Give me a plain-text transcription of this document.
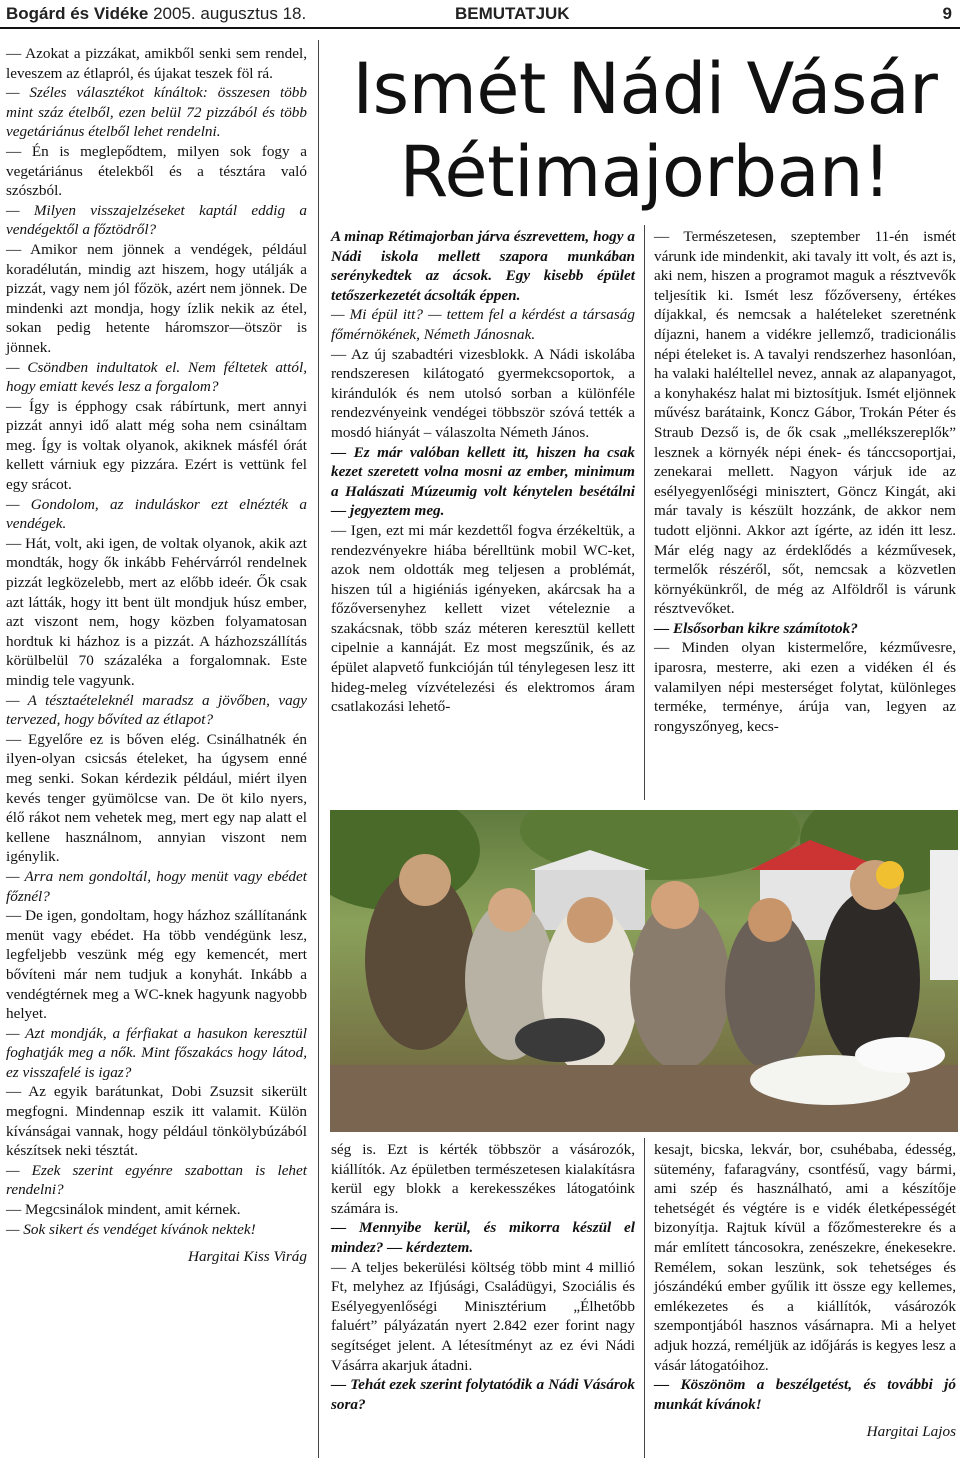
Bogárd és Vidéke 2005. augusztus 18.	BEMUTATJUK	9

— Azokat a pizzákat, amikből senki sem rendel, leveszem az étlapról, és újakat teszek föl rá.

— Széles választékot kínáltok: összesen több mint száz ételből, ezen belül 72 pizzából és több vegetáriánus ételből lehet rendelni.

— Én is meglepődtem, milyen sok fogy a vegetáriánus ételekből és a tésztára való szószból.

— Milyen visszajelzéseket kaptál eddig a vendégektől a főztödről?

— Amikor nem jönnek a vendégek, például koradélután, mindig azt hiszem, hogy utálják a pizzát, vagy nem jól főzök, azért nem jönnek. De mindenki azt mondja, hogy ízlik nekik az étel, sokan pedig hetente háromszor—ötször is jönnek.

— Csöndben indultatok el. Nem féltetek attól, hogy emiatt kevés lesz a forgalom?

— Így is épphogy csak rábírtunk, mert annyi pizzát annyi idő alatt még soha nem csináltam meg. Így is voltak olyanok, akiknek másfél órát kellett várniuk egy pizzára. Ezért is vettünk fel egy srácot.

— Gondolom, az induláskor ezt elnézték a vendégek.

— Hát, volt, aki igen, de voltak olyanok, akik azt mondták, hogy ők inkább Fehérvárról rendelnek pizzát legközelebb, mert az előbb ideér. Ők csak azt látták, hogy itt bent ült mondjuk húsz ember, azt viszont nem, hogy közben folyamatosan hordtuk ki házhoz is a pizzát. A házhozszállítás körülbelül 70 százaléka a forgalomnak. Este mindig tele vagyunk.

— A tésztaételeknél maradsz a jövőben, vagy tervezed, hogy bővíted az étlapot?

— Egyelőre ez is bőven elég. Csinálhatnék én ilyen-olyan csicsás ételeket, ha úgysem enné meg senki. Sokan kérdezik például, miért ilyen kevés tenger gyümölcse van. De öt kilo nyers, élő rákot nem vehetek meg, mert egy nap alatt el kellene használnom, annyian viszont nem igénylik.

— Arra nem gondoltál, hogy menüt vagy ebédet főznél?

— De igen, gondoltam, hogy házhoz szállítanánk menüt vagy ebédet. Ha több vendégünk lesz, legfeljebb veszünk még egy kemencét, mert bővíteni már nem tudjuk a konyhát. Inkább a vendégtérnek meg a WC-knek hagyunk nagyobb helyet.

— Azt mondják, a férfiakat a hasukon keresztül foghatják meg a nők. Mint főszakács hogy látod, ez visszafelé is igaz?

— Az egyik barátunkat, Dobi Zsuzsit sikerült megfogni. Mindennap eszik itt valamit. Külön kívánságai vannak, hogy például tönkölybúzából készítsek neki tésztát.

— Ezek szerint egyénre szabottan is lehet rendelni?

— Megcsinálok mindent, amit kérnek.

— Sok sikert és vendéget kívánok nektek!

Hargitai Kiss Virág

Ismét Nádi Vásár
Rétimajorban!

A minap Rétimajorban járva észrevettem, hogy a Nádi iskola mellett szapora munkában serénykedtek az ácsok. Egy kisebb épület tetőszerkezetét ácsolták éppen.

— Mi épül itt? — tettem fel a kérdést a társaság főmérnökének, Németh Jánosnak.

— Az új szabadtéri vizesblokk. A Nádi iskolába rendszeresen kilátogató gyermekcsoportok, a kirándulók és nem utolsó sorban a különféle rendezvényeink vendégei többször szóvá tették a mosdó hiányát – válaszolta Németh János.

— Ez már valóban kellett itt, hiszen ha csak kezet szeretett volna mosni az ember, minimum a Halászati Múzeumig volt kénytelen besétálni — jegyeztem meg.

— Igen, ezt mi már kezdettől fogva érzékeltük, a rendezvényekre hiába bérelltünk mobil WC-ket, azok nem oldották meg teljesen a problémát, hiszen túl a higiéniás igényeken, akárcsak ha a főzőversenyhez kellett vizet vételeznie a szakácsnak, több száz méteren keresztül kellett cipelnie a kannáját. Ez most megszűnik, és az épület alapvető funkcióján túl ténylegesen lesz itt hideg-meleg vízvételezési és elektromos áram csatlakozási lehető-

— Természetesen, szeptember 11-én ismét várunk ide mindenkit, aki tavaly itt volt, és azt is, aki nem, hiszen a programot maguk a résztvevők teljesítik ki. Ismét lesz főzőverseny, értékes díjakkal, és nemcsak a halételeket szeretnénk díjazni, hanem a vidékre jellemző, tradicionális népi ételeket is. A tavalyi rendszerhez hasonlóan, ha valaki haléltellel nevez, annak az alapanyagot, a konyhakész halat mi biztosítjuk. Ismét eljönnek művész barátaink, Koncz Gábor, Trokán Péter és Straub Dezső is, de ők csak „mellékszereplők” lesznek a környék népi ének- és tánccsoportjai, zenekarai mellett. Nagyon várjuk ide az esélyegyenlőségi minisztert, Göncz Kingát, aki már tavaly is készült hozzánk, de akkor nem tudott eljönni. Akkor azt ígérte, az idén itt lesz. Már elég nagy az érdeklődés a kézművesek, termelők részéről, sőt, nemcsak a közvetlen környékünkről, de még az Alföldről is várunk résztvevőket.

— Elsősorban kikre számítotok?

— Minden olyan kistermelőre, kézművesre, iparosra, mesterre, aki ezen a vidéken él és valamilyen népi mesterséget folytat, különleges terméke, terménye, árúja van, legyen az rongyszőnyeg, kecs-

ség is. Ezt is kérték többször a vásározók, kiállítók. Az épületben természetesen kialakításra kerül egy blokk a kerekesszékes látogatóink számára is.

— Mennyibe kerül, és mikorra készül el mindez? — kérdeztem.

— A teljes bekerülési költség több mint 4 millió Ft, melyhez az Ifjúsági, Családügyi, Szociális és Esélyegyenlőségi Minisztérium „Élhetőbb faluért” pályázatán nyert 2.842 ezer forint nagy segítséget jelent. A létesítményt az ez évi Nádi Vásárra akarjuk átadni.

— Tehát ezek szerint folytatódik a Nádi Vásárok sora?

kesajt, bicska, lekvár, bor, csuhébaba, édesség, sütemény, fafaragvány, csontfésű, vagy bármi, ami szép és használható, ami a készítője tehetségét és végtére is e vidék életképességét bizonyítja. Rajtuk kívül a főzőmesterekre és a már említett táncosokra, zenészekre, énekesekre. Remélem, sokan leszünk, sok tehetséges és jószándékú ember gyűlik itt össze egy kellemes, emlékezetes és a kiállítók, vásározók szempontjából hasznos vásárnapra. Mi a helyet adjuk hozzá, reméljük az időjárás is kegyes lesz a vásár látogatóihoz.

— Köszönöm a beszélgetést, és további jó munkát kívánok!

Hargitai Lajos
